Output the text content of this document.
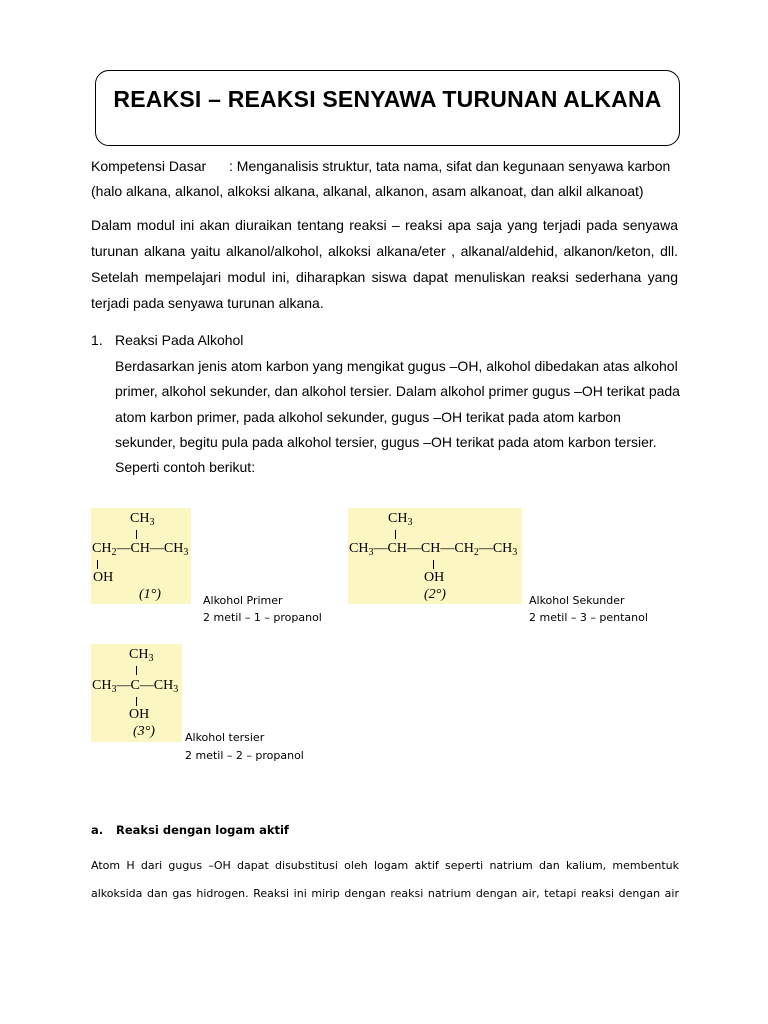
REAKSI – REAKSI SENYAWA TURUNAN ALKANA
Kompetensi Dasar : Menganalisis struktur, tata nama, sifat dan kegunaan senyawa karbon
(halo alkana, alkanol, alkoksi alkana, alkanal, alkanon, asam alkanoat, dan alkil alkanoat)
Dalam modul ini akan diuraikan tentang reaksi – reaksi apa saja yang terjadi pada senyawa
turunan alkana yaitu alkanol/alkohol, alkoksi alkana/eter , alkanal/aldehid, alkanon/keton, dll.
Setelah mempelajari modul ini, diharapkan siswa dapat menuliskan reaksi sederhana yang
terjadi pada senyawa turunan alkana.
1. Reaksi Pada Alkohol
Berdasarkan jenis atom karbon yang mengikat gugus –OH, alkohol dibedakan atas alkohol
primer, alkohol sekunder, dan alkohol tersier. Dalam alkohol primer gugus –OH terikat pada
atom karbon primer, pada alkohol sekunder, gugus –OH terikat pada atom karbon
sekunder, begitu pula pada alkohol tersier, gugus –OH terikat pada atom karbon tersier.
Seperti contoh berikut:
$CH_3$
$CH_2—CH—CH_3$
OH
(1°)	Alkohol Primer
2 metil – 1 – propanol
$CH_3$
$CH_3—CH—CH—CH_2—CH_3$
OH
(2°)	Alkohol Sekunder
2 metil – 3 – pentanol
$CH_3$
$CH_3—C—CH_3$
OH
(3°)	Alkohol tersier
2 metil – 2 – propanol
a. Reaksi dengan logam aktif
Atom H dari gugus –OH dapat disubstitusi oleh logam aktif seperti natrium dan kalium, membentuk
alkoksida dan gas hidrogen. Reaksi ini mirip dengan reaksi natrium dengan air, tetapi reaksi dengan air
